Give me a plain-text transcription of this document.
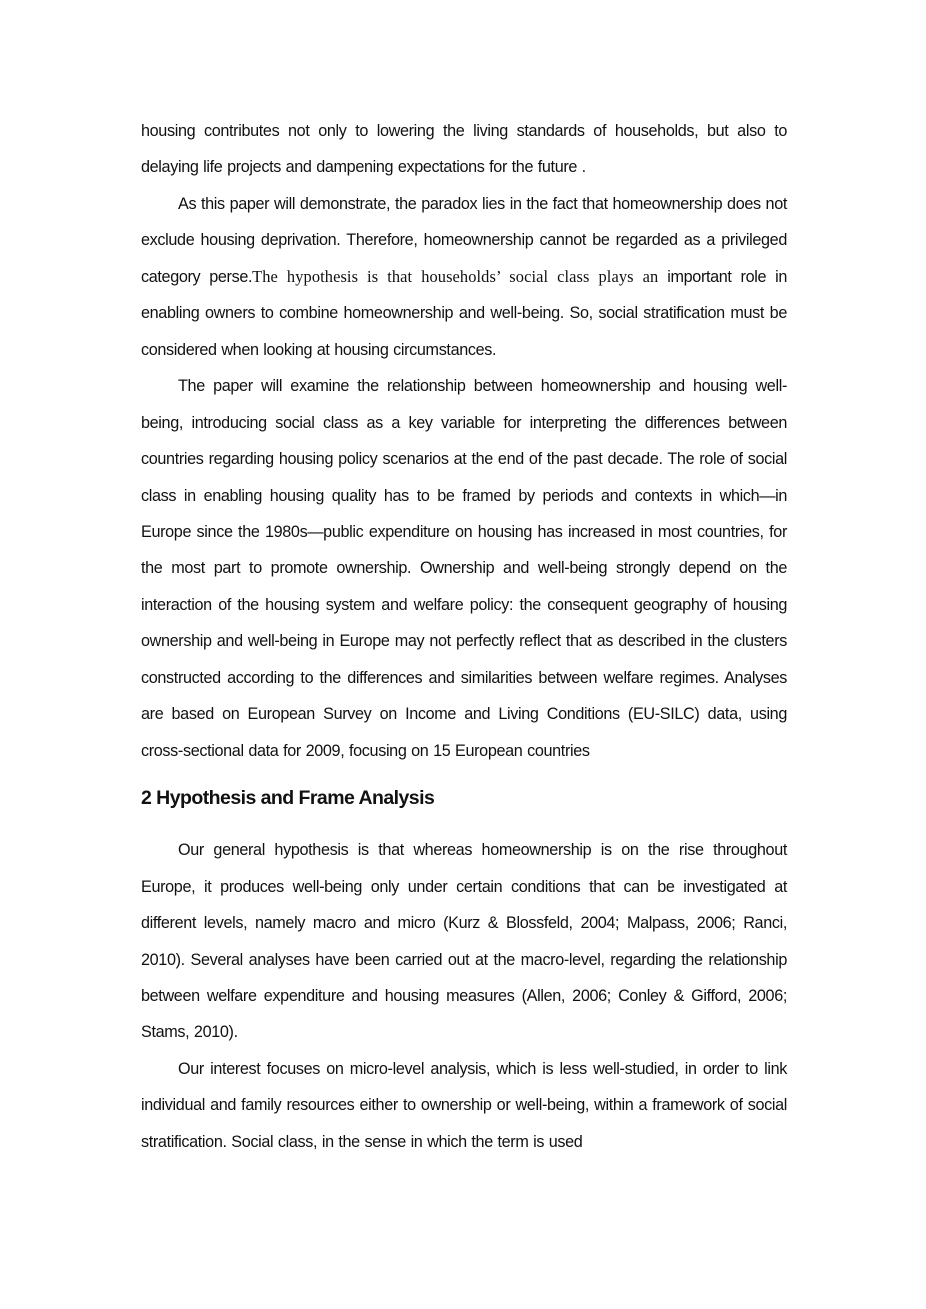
housing contributes not only to lowering the living standards of households, but also to delaying life projects and dampening expectations for the future .

As this paper will demonstrate, the paradox lies in the fact that homeownership does not exclude housing deprivation. Therefore, homeownership cannot be regarded as a privileged category perse.The hypothesis is that households’ social class plays an important role in enabling owners to combine homeownership and well-being. So, social stratification must be considered when looking at housing circumstances.

The paper will examine the relationship between homeownership and housing well-being, introducing social class as a key variable for interpreting the differences between countries regarding housing policy scenarios at the end of the past decade. The role of social class in enabling housing quality has to be framed by periods and contexts in which—in Europe since the 1980s—public expenditure on housing has increased in most countries, for the most part to promote ownership. Ownership and well-being strongly depend on the interaction of the housing system and welfare policy: the consequent geography of housing ownership and well-being in Europe may not perfectly reflect that as described in the clusters constructed according to the differences and similarities between welfare regimes. Analyses are based on European Survey on Income and Living Conditions (EU-SILC) data, using cross-sectional data for 2009, focusing on 15 European countries

2 Hypothesis and Frame Analysis

Our general hypothesis is that whereas homeownership is on the rise throughout Europe, it produces well-being only under certain conditions that can be investigated at different levels, namely macro and micro (Kurz & Blossfeld, 2004; Malpass, 2006; Ranci, 2010). Several analyses have been carried out at the macro-level, regarding the relationship between welfare expenditure and housing measures (Allen, 2006; Conley & Gifford, 2006; Stams, 2010).

Our interest focuses on micro-level analysis, which is less well-studied, in order to link individual and family resources either to ownership or well-being, within a framework of social stratification. Social class, in the sense in which the term is used
